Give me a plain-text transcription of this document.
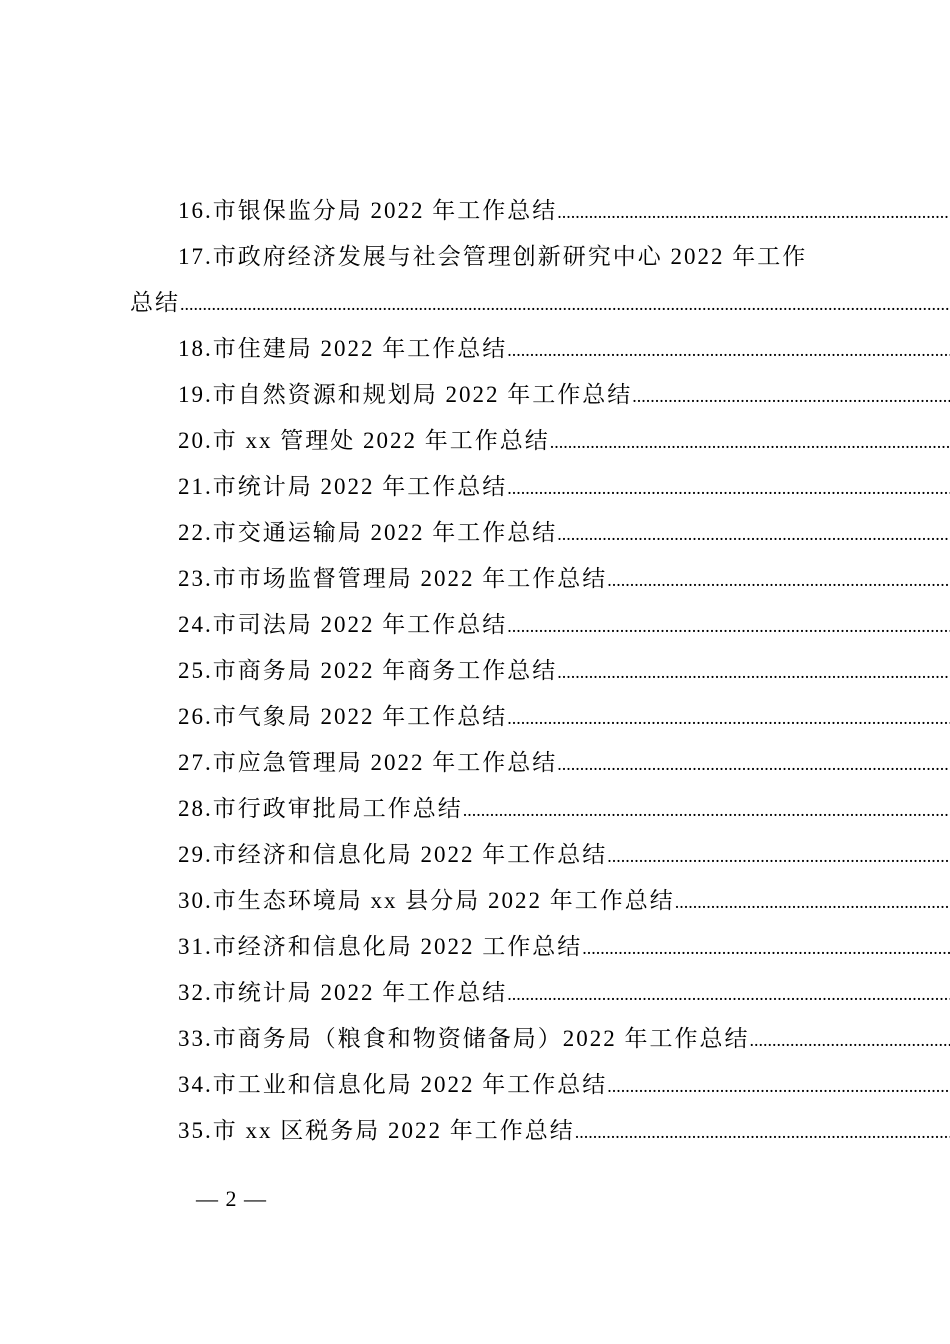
16.市银保监分局 2022 年工作总结
.....
17.市政府经济发展与社会管理创新研究中心 2022 年工作
总结
.....
18.市住建局 2022 年工作总结
.....
19.市自然资源和规划局 2022 年工作总结
.....
20.市 xx 管理处 2022 年工作总结
.....
21.市统计局 2022 年工作总结
.....
22.市交通运输局 2022 年工作总结
.....
23.市市场监督管理局 2022 年工作总结
.....
24.市司法局 2022 年工作总结
.....
25.市商务局 2022 年商务工作总结
.....
26.市气象局 2022 年工作总结
.....
27.市应急管理局 2022 年工作总结
.....
28.市行政审批局工作总结
.....
29.市经济和信息化局 2022 年工作总结
.....
30.市生态环境局 xx 县分局 2022 年工作总结
.....
31.市经济和信息化局 2022 工作总结
.....
32.市统计局 2022 年工作总结
.....
33.市商务局（粮食和物资储备局）2022 年工作总结
.....
34.市工业和信息化局 2022 年工作总结
.....
35.市 xx 区税务局 2022 年工作总结
.....
— 2 —
